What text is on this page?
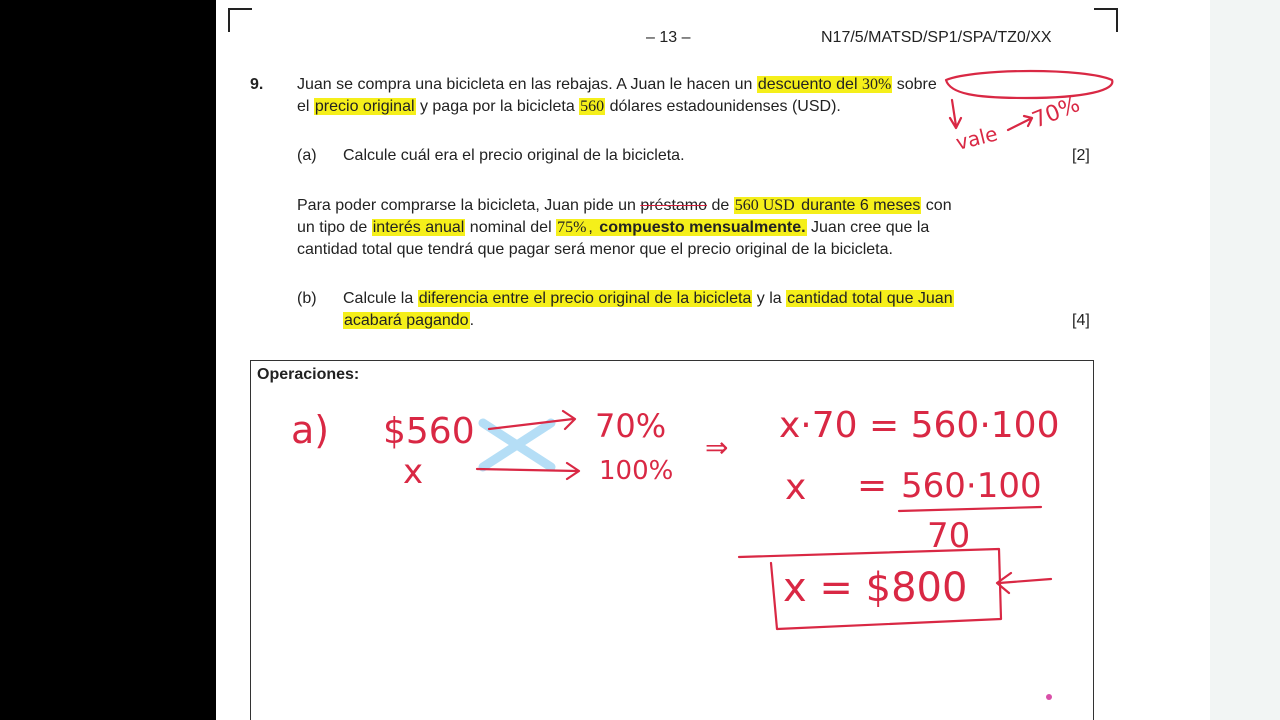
– 13 –	N17/5/MATSD/SP1/SPA/TZ0/XX
9. Juan se compra una bicicleta en las rebajas. A Juan le hacen un descuento del 30% sobre
el precio original y paga por la bicicleta 560 dólares estadounidenses (USD).
(a) Calcule cuál era el precio original de la bicicleta.	[2]
Para poder comprarse la bicicleta, Juan pide un préstamo de 560 USD durante 6 meses con
un tipo de interés anual nominal del 75% , compuesto mensualmente. Juan cree que la
cantidad total que tendrá que pagar será menor que el precio original de la bicicleta.
(b) Calcule la diferencia entre el precio original de la bicicleta y la cantidad total que Juan
acabará pagando.	[4]
vale
70%
Operaciones:
a) $560	70%
x	100%
⇒
x·70 = 560·100
x = 560·100
70
x = $800
